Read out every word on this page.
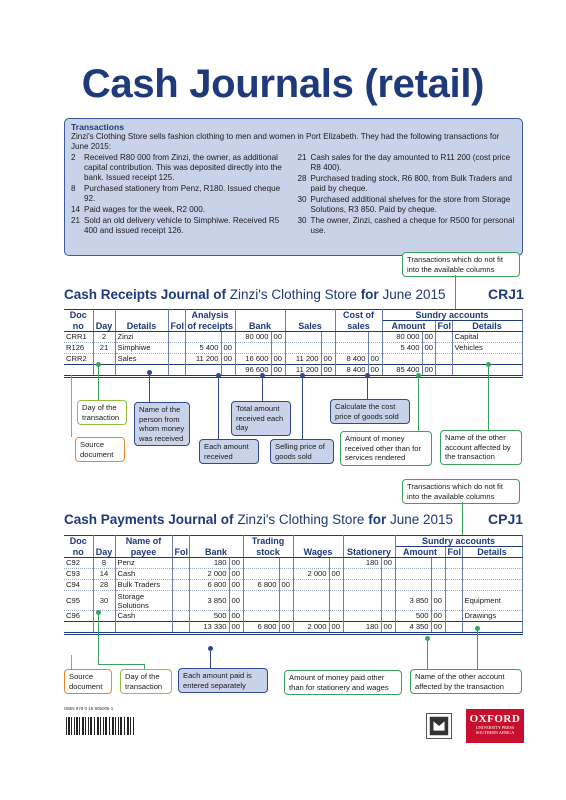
Cash Journals (retail)
Transactions
Zinzi's Clothing Store sells fashion clothing to men and women in Port Elizabeth. They had the following transactions for June 2015:
2	Received R80 000 from Zinzi, the owner, as additional capital contribution. This was deposited directly into the bank. Issued receipt 125.
8	Purchased stationery from Penz, R180. Issued cheque 92.
14 Paid wages for the week, R2 000.
21 Sold an old delivery vehicle to Simphiwe. Received R5 400 and issued receipt 126.
21 Cash sales for the day amounted to R11 200 (cost price R8 400).
28 Purchased trading stock, R6 800, from Bulk Traders and paid by cheque.
30 Purchased additional shelves for the store from Storage Solutions, R3 850. Paid by cheque.
30 The owner, Zinzi, cashed a cheque for R500 for personal use.
Transactions which do not fit into the available columns
Cash Receipts Journal of Zinzi's Clothing Store for June 2015	CRJ1
Doc				Analysis						Cost of		Sundry accounts			
no	Day	Details	Fol	of receipts		Bank		Sales		sales		Amount		Fol	Details
CRR1	2	Zinzi				80 000	00					80 000	00		Capital
R126	21	Simphiwe		5 400	00							5 400	00		Vehicles
CRR2		Sales		11 200	00	16 600	00	11 200	00	8 400	00				
						96 600	00	11 200	00	8 400	00	85 400	00		
Day of the transaction
Source document
Name of the person from whom money was received
Each amount received
Total amount received each day
Selling price of goods sold
Calculate the cost price of goods sold
Amount of money received other than for services rendered
Name of the other account affected by the transaction
Transactions which do not fit into the available columns
Cash Payments Journal of Zinzi's Clothing Store for June 2015 CPJ1
Doc		Name of				Trading						Sundry accounts			
no	Day	payee	Fol	Bank		stock		Wages		Stationery		Amount		Fol	Details
C92	8	Penz		180	00					180	00				
C93	14	Cash		2 000	00			2 000	00						
C94	28	Bulk Traders		6 800	00	6 800	00								
C95	30	Storage Solutions		3 850	00							3 850	00		Equipment
C96		Cash		500	00							500	00		Drawings
				13 330	00	6 800	00	2 000	00	180	00	4 350	00		
Source document
Day of the transaction
Each amount paid is entered separately
Amount of money paid other than for stationery and wages
Name of the other account affected by the transaction
ISBN 978 0 19 906005 1
OXFORD
UNIVERSITY PRESS
SOUTHERN AFRICA
